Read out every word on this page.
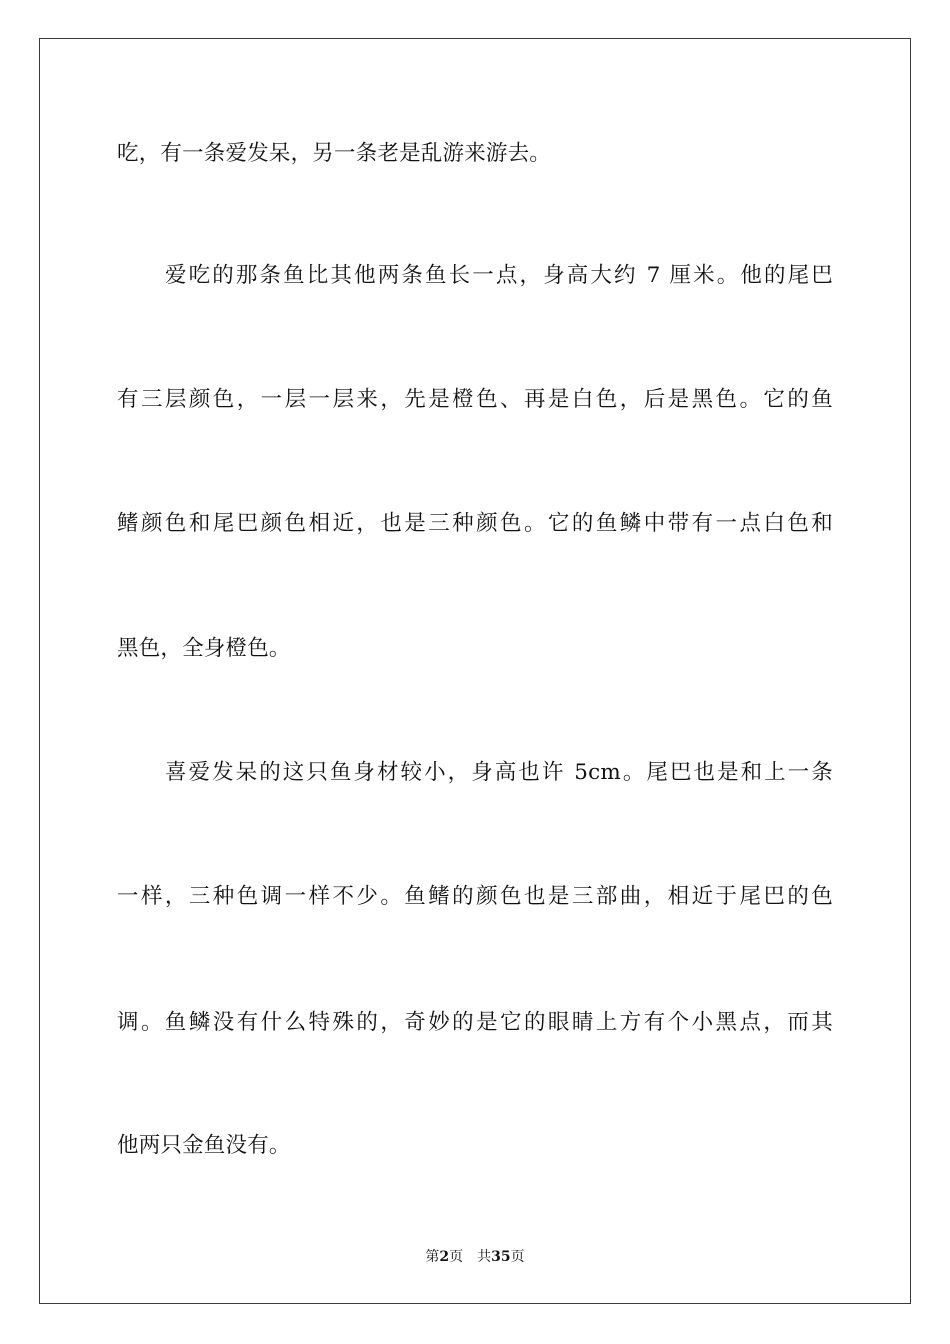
吃，有一条爱发呆，另一条老是乱游来游去。
爱吃的那条鱼比其他两条鱼长一点，身高大约 7 厘米。他的尾巴
有三层颜色，一层一层来，先是橙色、再是白色，后是黑色。它的鱼
鳍颜色和尾巴颜色相近，也是三种颜色。它的鱼鳞中带有一点白色和
黑色，全身橙色。
喜爱发呆的这只鱼身材较小，身高也许 5cm。尾巴也是和上一条
一样，三种色调一样不少。鱼鳍的颜色也是三部曲，相近于尾巴的色
调。鱼鳞没有什么特殊的，奇妙的是它的眼睛上方有个小黑点，而其
他两只金鱼没有。
第2页 共35页
